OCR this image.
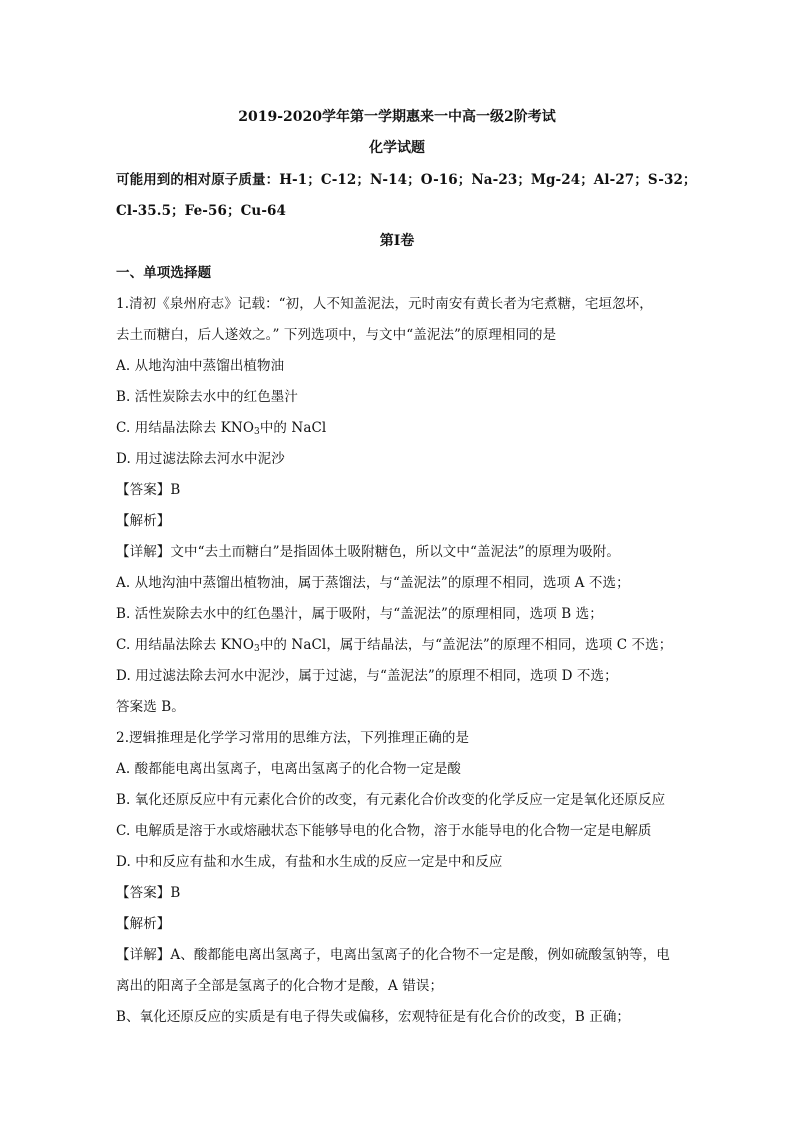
2019-2020学年第一学期惠来一中高一级2阶考试
化学试题
可能用到的相对原子质量：H-1；C-12；N-14；O-16；Na-23；Mg-24；Al-27；S-32；
Cl-35.5；Fe-56；Cu-64
第Ⅰ卷
一、单项选择题
1.清初《泉州府志》记载：“初，人不知盖泥法，元时南安有黄长者为宅煮糖，宅垣忽坏，
去土而糖白，后人遂效之。” 下列选项中，与文中“盖泥法”的原理相同的是
A. 从地沟油中蒸馏出植物油
B. 活性炭除去水中的红色墨汁
C. 用结晶法除去 $KNO_3$中的 NaCl
D. 用过滤法除去河水中泥沙
【答案】B
【解析】
【详解】文中“去土而糖白”是指固体土吸附糖色，所以文中“盖泥法”的原理为吸附。
A. 从地沟油中蒸馏出植物油，属于蒸馏法，与“盖泥法”的原理不相同，选项 A 不选；
B. 活性炭除去水中的红色墨汁，属于吸附，与“盖泥法”的原理相同，选项 B 选；
C. 用结晶法除去 $KNO_3$中的 NaCl，属于结晶法，与“盖泥法”的原理不相同，选项 C 不选；
D. 用过滤法除去河水中泥沙，属于过滤，与“盖泥法”的原理不相同，选项 D 不选；
答案选 B。
2.逻辑推理是化学学习常用的思维方法，下列推理正确的是
A. 酸都能电离出氢离子，电离出氢离子的化合物一定是酸
B. 氧化还原反应中有元素化合价的改变，有元素化合价改变的化学反应一定是氧化还原反应
C. 电解质是溶于水或熔融状态下能够导电的化合物，溶于水能导电的化合物一定是电解质
D. 中和反应有盐和水生成，有盐和水生成的反应一定是中和反应
【答案】B
【解析】
【详解】A、酸都能电离出氢离子，电离出氢离子的化合物不一定是酸，例如硫酸氢钠等，电
离出的阳离子全部是氢离子的化合物才是酸，A 错误；
B、氧化还原反应的实质是有电子得失或偏移，宏观特征是有化合价的改变，B 正确；
